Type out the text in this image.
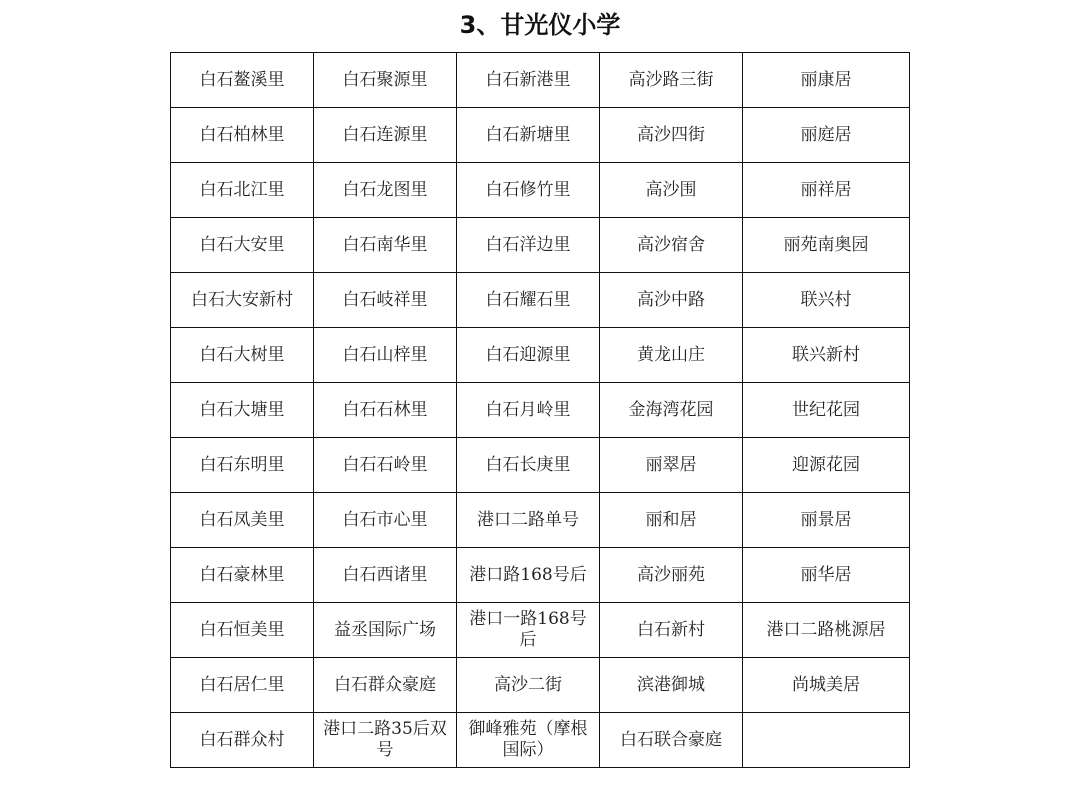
3、甘光仪小学
白石鳌溪里	白石聚源里	白石新港里	高沙路三街	丽康居
白石柏林里	白石连源里	白石新塘里	高沙四街	丽庭居
白石北江里	白石龙图里	白石修竹里	高沙围	丽祥居
白石大安里	白石南华里	白石洋边里	高沙宿舍	丽苑南奥园
白石大安新村	白石岐祥里	白石耀石里	高沙中路	联兴村
白石大树里	白石山梓里	白石迎源里	黄龙山庄	联兴新村
白石大塘里	白石石林里	白石月岭里	金海湾花园	世纪花园
白石东明里	白石石岭里	白石长庚里	丽翠居	迎源花园
白石凤美里	白石市心里	港口二路单号	丽和居	丽景居
白石豪林里	白石西诸里	港口路168号后	高沙丽苑	丽华居
白石恒美里	益丞国际广场	港口一路168号后	白石新村	港口二路桃源居
白石居仁里	白石群众豪庭	高沙二街	滨港御城	尚城美居
白石群众村	港口二路35后双号	御峰雅苑（摩根国际）	白石联合豪庭	
